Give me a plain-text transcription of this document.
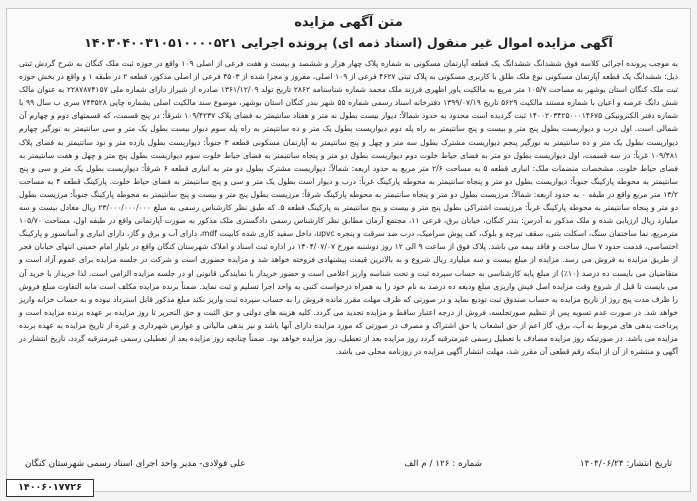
متن آگهی مزایده
آگهی مزایده اموال غیر منقول (اسناد ذمه ای) پرونده اجرایی ۱۴۰۳۰۴۰۰۳۱۰۵۱۰۰۰۰۵۲۱

به موجب پرونده اجرائی کلاسه فوق ششدانگ ششدانگ یک قطعه آپارتمان مسکونی به شماره پلاک چهار هزار و ششصد و بیست و هفت فرعی از اصلی ۱۰۹ واقع در حوزه ثبت ملک کنگان به شرح گردش ثبتی ذیل: ششدانگ یک قطعه آپارتمان مسکونی نوع ملک طلق با کاربری مسکونی به پلاک ثبتی ۴۶۲۷ فرعی از ۱۰۹ اصلی، مفروز و مجزا شده از ۴۵۰۳ فرعی از اصلی مذکور، قطعه ۲ در طبقه ۱ و واقع در بخش حوزه ثبت ملک کنگان استان بوشهر به مساحت ۱۰۵/۷ متر مربع به مالکیت یاور اظهری فرزند ملک محمد شماره شناسنامه ۲۸۶۲ تاریخ تولد ۱۳۶۱/۱۲/۰۹ صادره از شیراز دارای شماره ملی ۲۲۸۷۸۷۴۱۵۷ به عنوان مالک شش دانگ عرصه و اعیان با شماره مستند مالکیت ۵۶۲۹ تاریخ ۱۳۹۹/۰۷/۱۹ دفترخانه اسناد رسمی شماره ۵۵ شهر بندر کنگان استان بوشهر، موضوع سند مالکیت اصلی بشماره چاپی ۷۴۳۵۲۸ سری ب سال ۹۹ با شماره دفتر الکترونیکی ۱۴۰۰۲۰۳۴۲۵۰۰۰۱۴۶۷۵ ثبت گردیده است محدود به حدود شمالاً: دیوار بیست بطول نه متر و هفتاد سانتیمتر به فضای پلاک ۱۰۹/۴۲۳۷ شرقاً: در پنج قسمت، که قسمتهای دوم و چهارم آن شمالی است. اول درب و دیواریست بطول پنج متر و بیست و پنج سانتیمتر به راه پله دوم دیواریست بطول یک متر و ده سانتیمتر به راه پله سوم دیوار بیست بطول یک متر و سی سانتیمتر به نورگیر چهارم دیواریست بطول یک متر و ده سانتیمتر به نورگیر پنجم دیواریست مشترک بطول سه متر و چهل و پنج سانتیمتر به آپارتمان مسکونی قطعه ۳ جنوباً: دیواریست بطول یازده متر و نود سانتیمتر به فضای پلاک ۱۰۹/۴۸۱ غرباً: در سه قسمت، اول دیواریست بطول دو متر به فضای حیاط خلوت دوم دیواریست بطول دو متر و پنجاه سانتیمتر به فضای حیاط خلوت سوم دیواریست بطول پنج متر و چهل و هفت سانتیمتر به فضای حیاط خلوت. مشخصات منضمات ملک: انباری قطعه ۵ به مساحت ۲/۶ متر مربع به حدود اربعه: شمالاً: دیواریست مشترک بطول دو متر به انباری قطعه ۶ شرقاً: دیواریست بطول یک متر و سی و پنج سانتیمتر به محوطه پارکینگ جنوباً: دیواریست بطول دو متر و پنجاه سانتیمتر به محوطه پارکینگ غرباً: درب و دیوار است بطول یک متر و سی و پنج سانتیمتر به فضای حیاط خلوت. پارکینگ قطعه ۴ به مساحت ۱۳/۲ متر مربع واقع در طبقه ۰ به حدود اربعه: شمالاً: مرزیست بطول دو متر و پنجاه سانتیمتر به محوطه پارکینگ شرقاً: مرزیست بطول پنج متر و بیست و پنج سانتیمتر به محوطه پارکینگ جنوباً: مرزیست بطول دو متر و پنجاه سانتیمتر به محوطه پارکینگ غرباً: مرزیست اشتراکی بطول پنج متر و بیست و پنج سانتیمتر به پارکینگ قطعه ۵. که طبق نظر کارشناس رسمی به مبلغ ۲۳/۰۰۰/۰۰۰/۰۰۰ ریال معادل بیست و سه میلیارد ریال ارزیابی شده و ملک مذکور به آدرس: بندر کنگان، خیابان برق، فرعی ۱۱، مجتمع آرمان مطابق نظر کارشناس رسمی دادگستری ملک مذکور به صورت آپارتمانی واقع در طبقه اول، مساحت ۱۰۵/۷۰ مترمربع، نما ساختمان سنگ، اسکلت بتنی، سقف تیرچه و بلوک، کف پوش سرامیک، درب ضد سرقت و پنجره upvc، داخل سفید کاری شده کابینت mdf، دارای آب و برق و گاز، دارای انباری و آسانسور و پارکینگ اختصاصی، قدمت حدود ۷ سال ساخت و فاقد بیمه می باشد. پلاک فوق از ساعت ۹ الی ۱۲ روز دوشنبه مورخ ۱۴۰۴/۰۷/۰۷ در اداره ثبت اسناد و املاک شهرستان کنگان واقع در بلوار امام خمینی انتهای خیابان فجر از طریق مزایده به فروش می رسد. مزایده از مبلغ بیست و سه میلیارد ریال شروع و به بالاترین قیمت پیشنهادی فروخته خواهد شد و مزایده حضوری است و شرکت در جلسه مزایده برای عموم آزاد است و متقاضیان می بایست ده درصد (۱۰٪) از مبلغ پایه کارشناسی به حساب سپرده ثبت و تحت شناسه واریز اعلامی است و حضور خریدار با نمایندگی قانونی او در جلسه مزایده الزامی است. لذا خریدار با خرید آن می بایست تا قبل از شروع وقت مزایده اصل فیش واریزی مبلغ ودیعه ده درصد به نام خود را به همراه درخواست کتبی به واحد اجرا تسلیم و ثبت نماید. ضمناً برنده مزایده مکلف است مابه التفاوت مبلغ فروش را ظرف مدت پنج روز از تاریخ مزایده به حساب صندوق ثبت تودیع نماید و در صورتی که ظرف مهلت مقرر مانده فروش را به حساب سپرده ثبت واریز نکند مبلغ مذکور قابل استرداد نبوده و به حساب خزانه واریز خواهد شد. در صورت عدم تسویه پس از تنظیم صورتجلسه، فروش از درجه اعتبار ساقط و مزایده تجدید می گردد. کلیه هزینه های دولتی و حق الثبت و حق التحریر تا روز مزایده بر عهده برنده مزایده است و پرداخت بدهی های مربوط به آب، برق، گاز اعم از حق انشعاب یا حق اشتراک و مصرف در صورتی که مورد مزایده دارای آنها باشد و نیز بدهی مالیاتی و عوارض شهرداری و غیره از تاریخ مزایده به عهده برنده مزایده می باشد. در صورتیکه روز مزایده مصادف با تعطیل رسمی غیرمترقبه گردد روز مزایده بعد از تعطیل، روز مزایده خواهد بود. ضمناً چنانچه روز مزایده بعد از تعطیلی رسمی غیرمترقبه گردد، تاریخ انتشار در آگهی و منتشره از آن از اینکه رقم قطعی آن مقرر شد، مهلت انتشار آگهی مزایده در روزنامه محلی می باشد.

تاریخ انتشار: ۱۴۰۴/۰۶/۲۴
شماره : ۱۲۶ / م الف
علی فولادی- مدیر واحد اجرای اسناد رسمی شهرستان کنگان
۱۴۰۰۶۰۱۷۷۲۶
